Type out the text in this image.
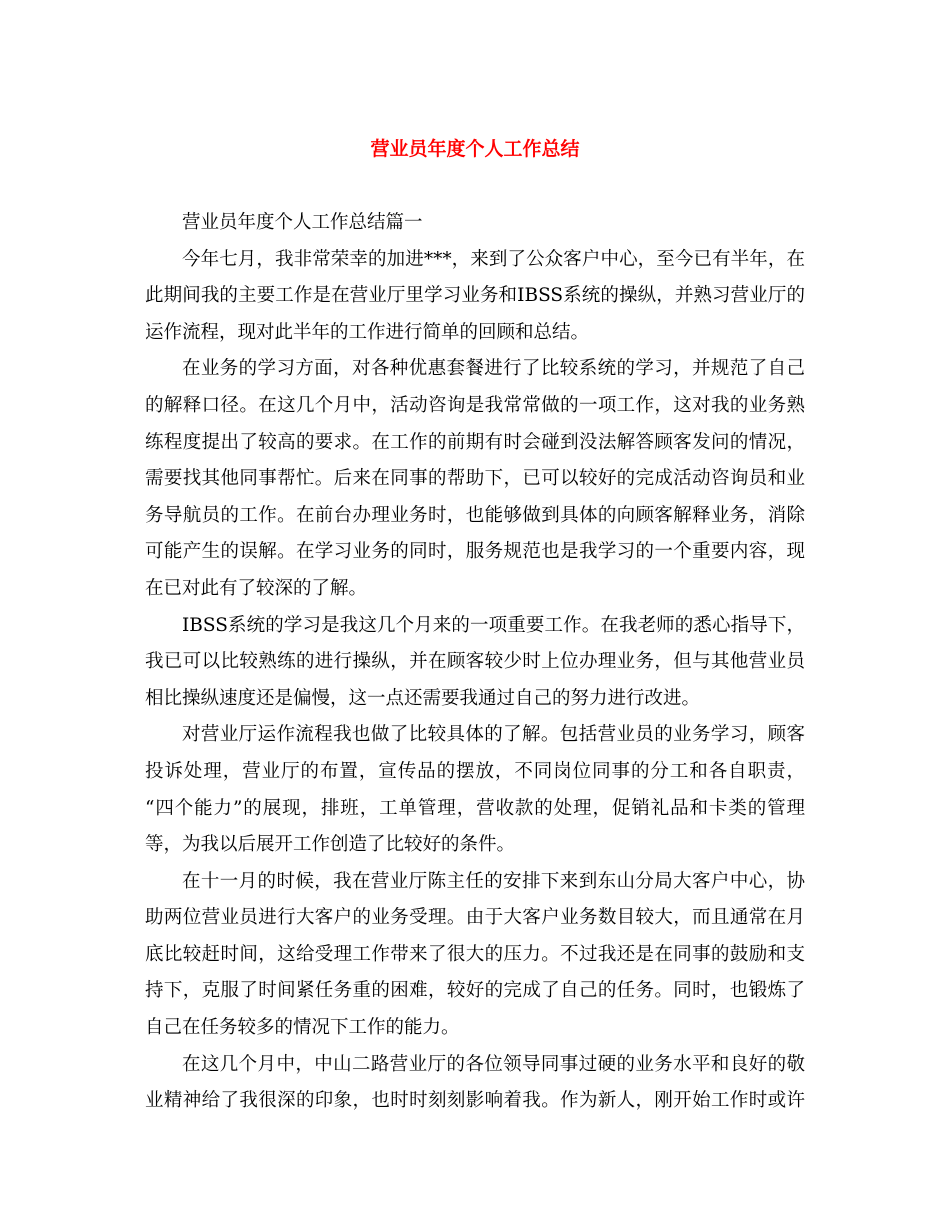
营业员年度个人工作总结
营业员年度个人工作总结篇一
今年七月，我非常荣幸的加进***，来到了公众客户中心，至今已有半年，在
此期间我的主要工作是在营业厅里学习业务和IBSS系统的操纵，并熟习营业厅的
运作流程，现对此半年的工作进行简单的回顾和总结。
在业务的学习方面，对各种优惠套餐进行了比较系统的学习，并规范了自己
的解释口径。在这几个月中，活动咨询是我常常做的一项工作，这对我的业务熟
练程度提出了较高的要求。在工作的前期有时会碰到没法解答顾客发问的情况，
需要找其他同事帮忙。后来在同事的帮助下，已可以较好的完成活动咨询员和业
务导航员的工作。在前台办理业务时，也能够做到具体的向顾客解释业务，消除
可能产生的误解。在学习业务的同时，服务规范也是我学习的一个重要内容，现
在已对此有了较深的了解。
IBSS系统的学习是我这几个月来的一项重要工作。在我老师的悉心指导下，
我已可以比较熟练的进行操纵，并在顾客较少时上位办理业务，但与其他营业员
相比操纵速度还是偏慢，这一点还需要我通过自己的努力进行改进。
对营业厅运作流程我也做了比较具体的了解。包括营业员的业务学习，顾客
投诉处理，营业厅的布置，宣传品的摆放，不同岗位同事的分工和各自职责，
“四个能力”的展现，排班，工单管理，营收款的处理，促销礼品和卡类的管理
等，为我以后展开工作创造了比较好的条件。
在十一月的时候，我在营业厅陈主任的安排下来到东山分局大客户中心，协
助两位营业员进行大客户的业务受理。由于大客户业务数目较大，而且通常在月
底比较赶时间，这给受理工作带来了很大的压力。不过我还是在同事的鼓励和支
持下，克服了时间紧任务重的困难，较好的完成了自己的任务。同时，也锻炼了
自己在任务较多的情况下工作的能力。
在这几个月中，中山二路营业厅的各位领导同事过硬的业务水平和良好的敬
业精神给了我很深的印象，也时时刻刻影响着我。作为新人，刚开始工作时或许
